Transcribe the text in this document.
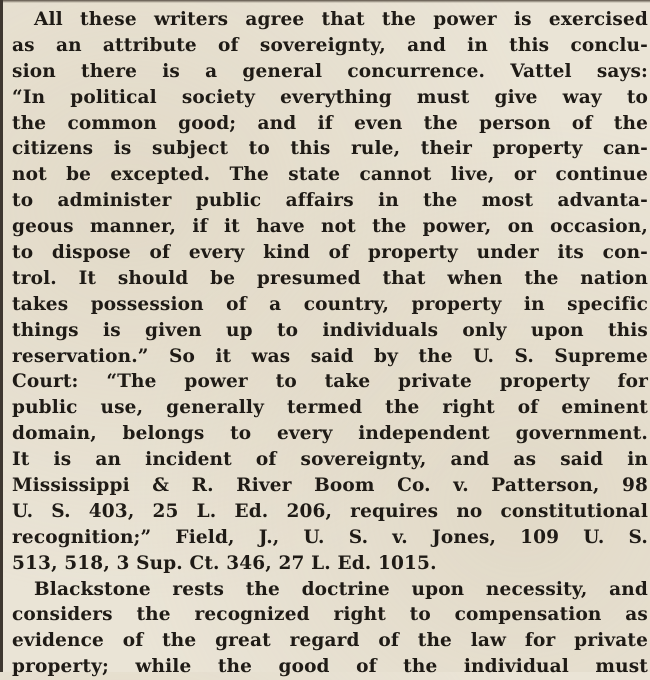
All these writers agree that the power is exercised
as an attribute of sovereignty, and in this conclu-
sion there is a general concurrence. Vattel says:
“In political society everything must give way to
the common good; and if even the person of the
citizens is subject to this rule, their property can-
not be excepted. The state cannot live, or continue
to administer public affairs in the most advanta-
geous manner, if it have not the power, on occasion,
to dispose of every kind of property under its con-
trol. It should be presumed that when the nation
takes possession of a country, property in specific
things is given up to individuals only upon this
reservation.” So it was said by the U. S. Supreme
Court: “The power to take private property for
public use, generally termed the right of eminent
domain, belongs to every independent government.
It is an incident of sovereignty, and as said in
Mississippi & R. River Boom Co. v. Patterson, 98
U. S. 403, 25 L. Ed. 206, requires no constitutional
recognition;” Field, J., U. S. v. Jones, 109 U. S.
513, 518, 3 Sup. Ct. 346, 27 L. Ed. 1015.
Blackstone rests the doctrine upon necessity, and
considers the recognized right to compensation as
evidence of the great regard of the law for private
property; while the good of the individual must
